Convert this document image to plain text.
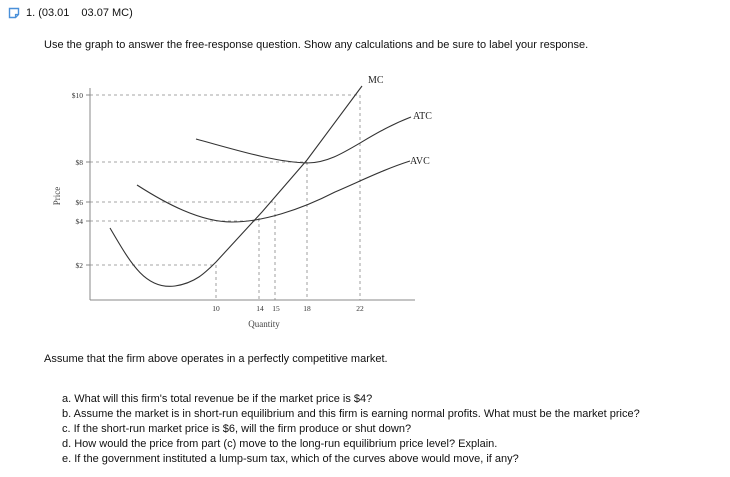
1. (03.01 03.07 MC)
Use the graph to answer the free-response question. Show any calculations and be sure to label your response.
MC
ATC
AVC
$10
$8
$6
$4
$2
10	14 15	18	22
Quantity
Price
Assume that the firm above operates in a perfectly competitive market.
a. What will this firm's total revenue be if the market price is $4?
b. Assume the market is in short-run equilibrium and this firm is earning normal profits. What must be the market price?
c. If the short-run market price is $6, will the firm produce or shut down?
d. How would the price from part (c) move to the long-run equilibrium price level? Explain.
e. If the government instituted a lump-sum tax, which of the curves above would move, if any?
